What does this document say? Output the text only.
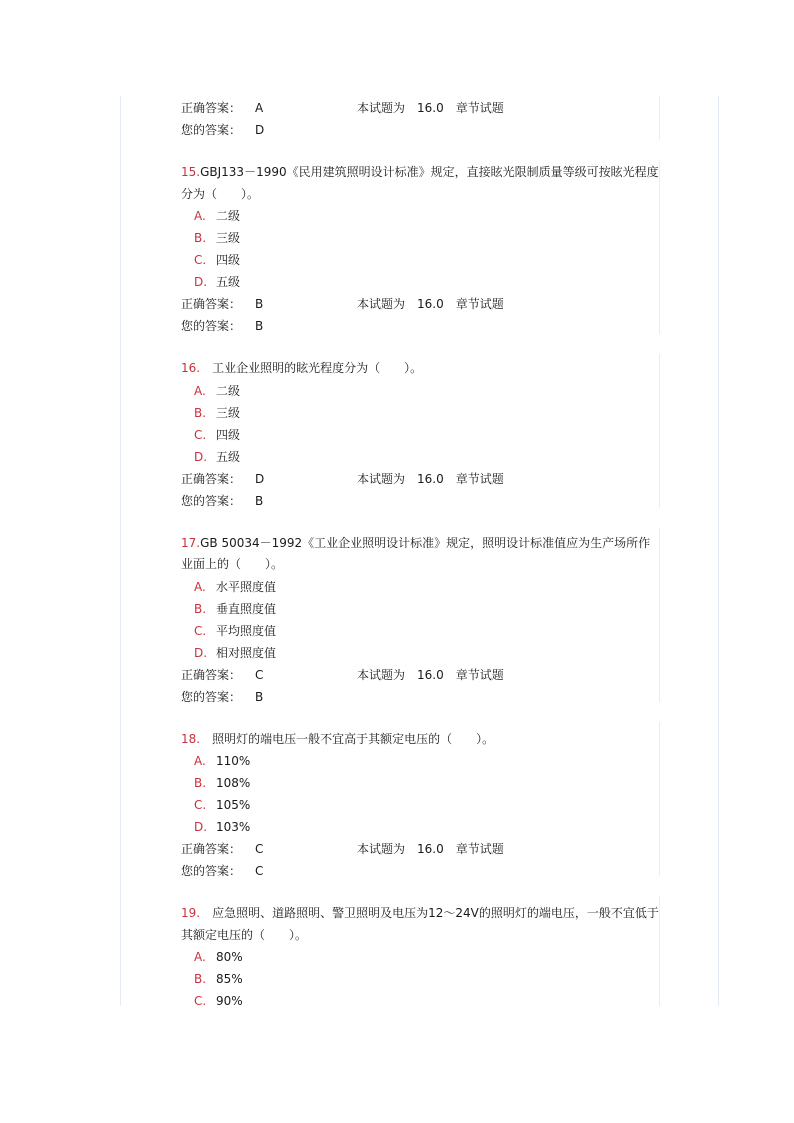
正确答案： A	本试题为　16.0　章节试题
您的答案： D
15.GBJ133－1990《民用建筑照明设计标准》规定，直接眩光限制质量等级可按眩光程度分为（　　）。
A. 二级
B. 三级
C. 四级
D. 五级
正确答案： B	本试题为　16.0　章节试题
您的答案： B
16.　工业企业照明的眩光程度分为（　　）。
A. 二级
B. 三级
C. 四级
D. 五级
正确答案： D	本试题为　16.0　章节试题
您的答案： B
17.GB 50034－1992《工业企业照明设计标准》规定，照明设计标准值应为生产场所作业面上的（　　）。
A. 水平照度值
B. 垂直照度值
C. 平均照度值
D. 相对照度值
正确答案： C	本试题为　16.0　章节试题
您的答案： B
18.　照明灯的端电压一般不宜高于其额定电压的（　　）。
A. 110%
B. 108%
C. 105%
D. 103%
正确答案： C	本试题为　16.0　章节试题
您的答案： C
19.　应急照明、道路照明、警卫照明及电压为12～24V的照明灯的端电压，一般不宜低于其额定电压的（　　）。
A. 80%
B. 85%
C. 90%
